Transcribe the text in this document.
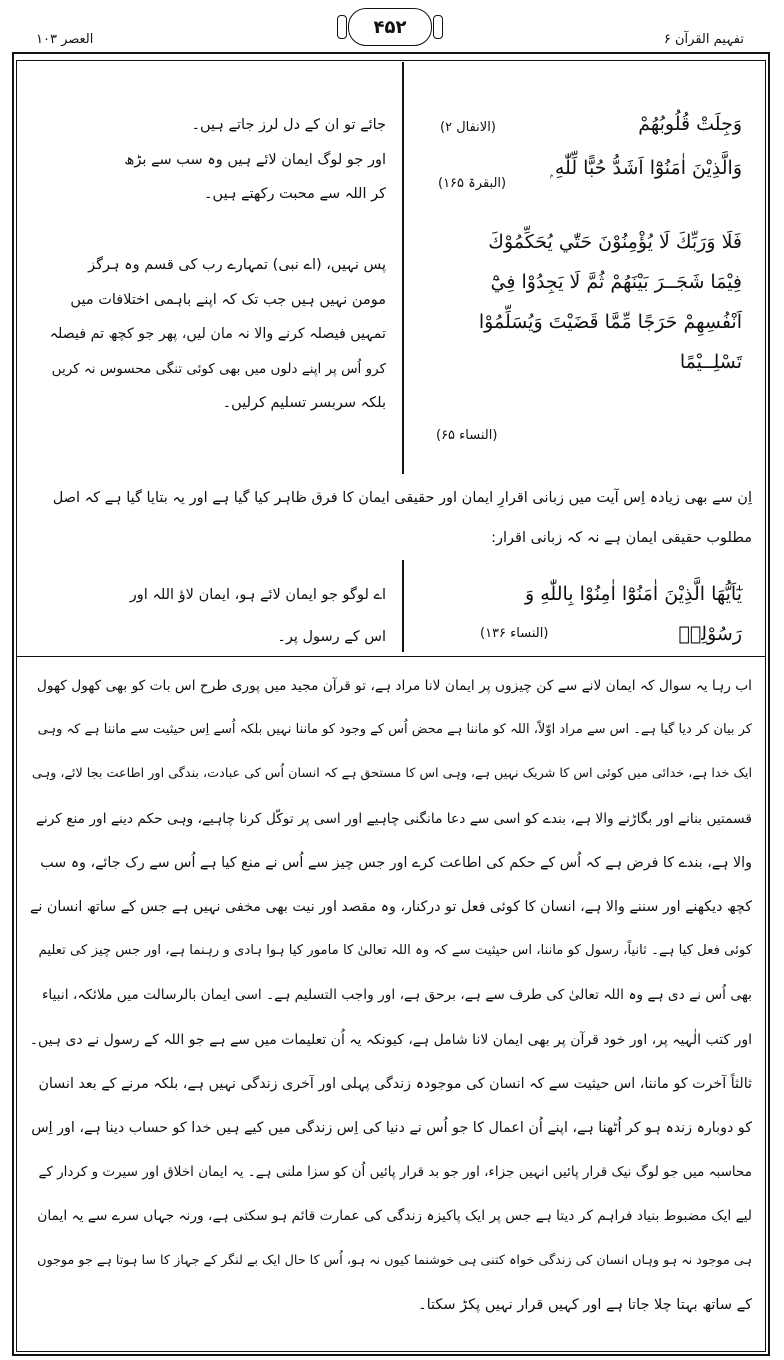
تفہیم القرآن ۶
۴۵۲
العصر ۱۰۳
وَجِلَتْ قُلُوبُهُمْ
وَالَّذِيْنَ اٰمَنُوْٓا اَشَدُّ حُبًّا لِّلّٰهِ ۭ
(الانفال ۲)
(البقرۃ ۱۶۵)
جائے تو ان کے دل لرز جاتے ہیں۔
اور جو لوگ ایمان لائے ہیں وہ سب سے بڑھ
کر اللہ سے محبت رکھتے ہیں۔
فَلَا وَرَبِّكَ لَا يُؤْمِنُوْنَ حَتّٰي يُحَكِّمُوْكَ
فِيْمَا شَجَــرَ بَيْنَھُمْ ثُمَّ لَا يَجِدُوْا فِيْٓ
اَنْفُسِهِمْ حَرَجًا مِّمَّا قَضَيْتَ وَيُسَلِّمُوْا
تَسْلِــيْمًا
(النساء ۶۵)
پس نہیں، (اے نبی) تمہارے رب کی قسم وہ ہرگز
مومن نہیں ہیں جب تک کہ اپنے باہمی اختلافات میں
تمہیں فیصلہ کرنے والا نہ مان لیں، پھر جو کچھ تم فیصلہ
کرو اُس پر اپنے دلوں میں بھی کوئی تنگی محسوس نہ کریں
بلکہ سربسر تسلیم کرلیں۔
اِن سے بھی زیادہ اِس آیت میں زبانی اقرارِ ایمان اور حقیقی ایمان کا فرق ظاہر کیا گیا ہے اور یہ بتایا گیا ہے کہ اصل
مطلوب حقیقی ایمان ہے نہ کہ زبانی اقرار:
يٰٓاَيُّهَا الَّذِيْنَ اٰمَنُوْٓا اٰمِنُوْا بِاللّٰهِ وَ
رَسُوْلِهٖ
(النساء ۱۳۶)
اے لوگو جو ایمان لائے ہو، ایمان لاؤ اللہ اور
اس کے رسول پر۔
اب رہا یہ سوال کہ ایمان لانے سے کن چیزوں پر ایمان لانا مراد ہے، تو قرآن مجید میں پوری طرح اس بات کو بھی کھول کھول
کر بیان کر دیا گیا ہے۔ اس سے مراد اوّلاً، اللہ کو ماننا ہے محض اُس کے وجود کو ماننا نہیں بلکہ اُسے اِس حیثیت سے ماننا ہے کہ وہی
ایک خدا ہے، خدائی میں کوئی اس کا شریک نہیں ہے، وہی اس کا مستحق ہے کہ انسان اُس کی عبادت، بندگی اور اطاعت بجا لائے، وہی
قسمتیں بنانے اور بگاڑنے والا ہے، بندے کو اسی سے دعا مانگنی چاہیے اور اسی پر توکّل کرنا چاہیے، وہی حکم دینے اور منع کرنے
والا ہے، بندے کا فرض ہے کہ اُس کے حکم کی اطاعت کرے اور جس چیز سے اُس نے منع کیا ہے اُس سے رک جائے، وہ سب
کچھ دیکھنے اور سننے والا ہے، انسان کا کوئی فعل تو درکنار، وہ مقصد اور نیت بھی مخفی نہیں ہے جس کے ساتھ انسان نے
کوئی فعل کیا ہے۔ ثانیاً، رسول کو ماننا، اس حیثیت سے کہ وہ اللہ تعالیٰ کا مامور کیا ہوا ہادی و رہنما ہے، اور جس چیز کی تعلیم
بھی اُس نے دی ہے وہ اللہ تعالیٰ کی طرف سے ہے، برحق ہے، اور واجب التسلیم ہے۔ اسی ایمان بالرسالت میں ملائکہ، انبیاء
اور کتب الٰہیہ پر، اور خود قرآن پر بھی ایمان لانا شامل ہے، کیونکہ یہ اُن تعلیمات میں سے ہے جو اللہ کے رسول نے دی ہیں۔
ثالثاً آخرت کو ماننا، اس حیثیت سے کہ انسان کی موجودہ زندگی پہلی اور آخری زندگی نہیں ہے، بلکہ مرنے کے بعد انسان
کو دوبارہ زندہ ہو کر اُٹھنا ہے، اپنے اُن اعمال کا جو اُس نے دنیا کی اِس زندگی میں کیے ہیں خدا کو حساب دینا ہے، اور اِس
محاسبہ میں جو لوگ نیک قرار پائیں انہیں جزاء، اور جو بد قرار پائیں اُن کو سزا ملنی ہے۔ یہ ایمان اخلاق اور سیرت و کردار کے
لیے ایک مضبوط بنیاد فراہم کر دیتا ہے جس پر ایک پاکیزہ زندگی کی عمارت قائم ہو سکتی ہے، ورنہ جہاں سرے سے یہ ایمان
ہی موجود نہ ہو وہاں انسان کی زندگی خواہ کتنی ہی خوشنما کیوں نہ ہو، اُس کا حال ایک بے لنگر کے جہاز کا سا ہوتا ہے جو موجوں
کے ساتھ بہتا چلا جاتا ہے اور کہیں قرار نہیں پکڑ سکتا۔
